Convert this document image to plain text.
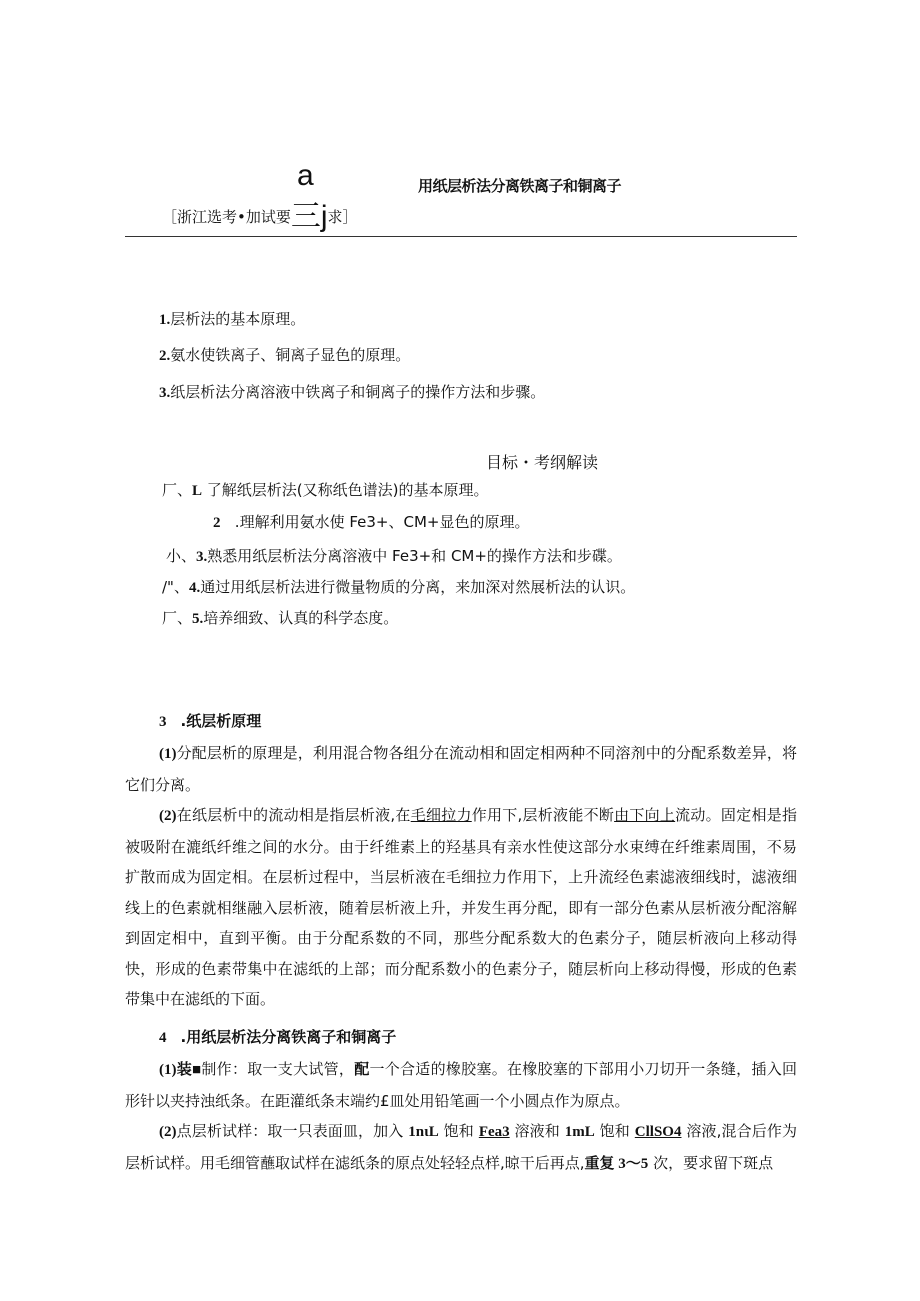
a	用纸层析法分离铁离子和铜离子
［浙江选考•加试要三j求］
1.层析法的基本原理。
2.氨水使铁离子、铜离子显色的原理。
3.纸层析法分离溶液中铁离子和铜离子的操作方法和步骤。
目标・考纲解读
厂、L 了解纸层析法(又称纸色谱法)的基本原理。
2   .理解利用氨水使 Fe3+、CM+显色的原理。
小、3.熟悉用纸层析法分离溶液中 Fe3+和 CM+的操作方法和步碟。
/"、4.通过用纸层析法进行微量物质的分离，来加深对然展析法的认识。
厂、5.培养细致、认真的科学态度。
3 .纸层析原理
(1)分配层析的原理是，利用混合物各组分在流动相和固定相两种不同溶剂中的分配系数差异，将它们分离。
(2)在纸层析中的流动相是指层析液,在毛细拉力作用下,层析液能不断由下向上流动。固定相是指被吸附在漉纸纤维之间的水分。由于纤维素上的羟基具有亲水性使这部分水束缚在纤维素周围，不易扩散而成为固定相。在层析过程中，当层析液在毛细拉力作用下，上升流经色素滤液细线时，滤液细线上的色素就相继融入层析液，随着层析液上升，并发生再分配，即有一部分色素从层析液分配溶解到固定相中，直到平衡。由于分配系数的不同，那些分配系数大的色素分子，随层析液向上移动得快，形成的色素带集中在滤纸的上部；而分配系数小的色素分子，随层析向上移动得慢，形成的色素带集中在滤纸的下面。
4 .用纸层析法分离铁离子和铜离子
(1)装■制作：取一支大试管，配一个合适的橡胶塞。在橡胶塞的下部用小刀切开一条缝，插入回形针以夹持浊纸条。在距灌纸条末端约£皿处用铅笔画一个小圆点作为原点。
(2)点层析试样：取一只表面皿，加入 1nιL 饱和 Fea3 溶液和 1mL 饱和 CllSO4 溶液,混合后作为层析试样。用毛细管蘸取试样在滤纸条的原点处轻轻点样,晾干后再点,重复 3～5 次，要求留下斑点
